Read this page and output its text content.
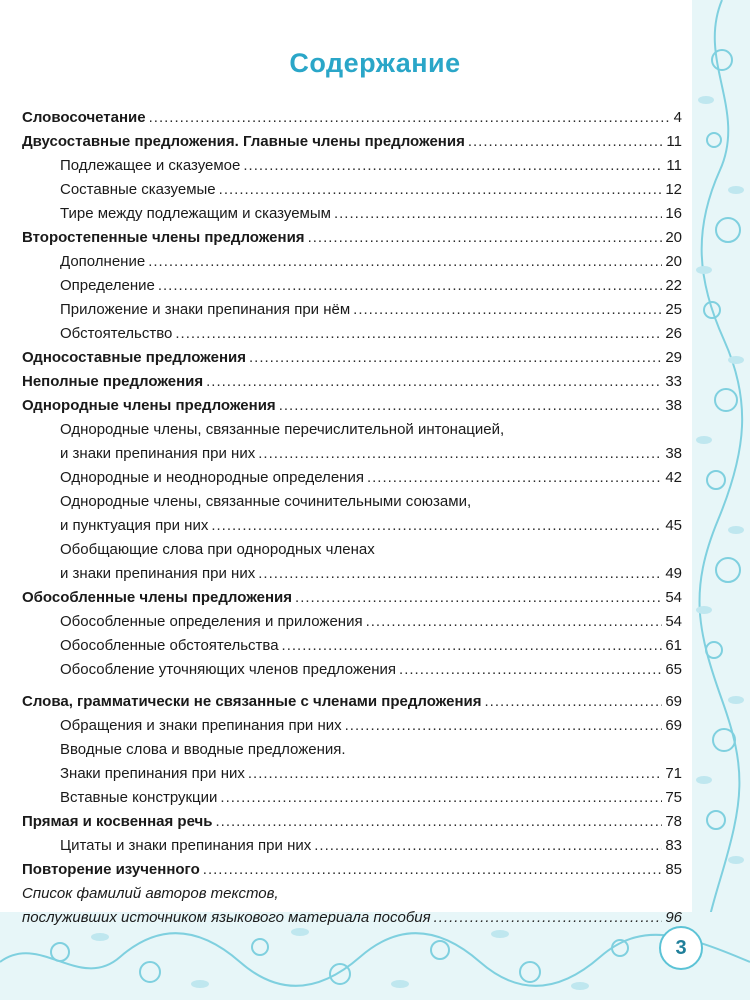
Содержание
Словосочетание .....	4
Двусоставные предложения. Главные члены предложения .....	11
Подлежащее и сказуемое .....	11
Составные сказуемые .....	12
Тире между подлежащим и сказуемым .....	16
Второстепенные члены предложения .....	20
Дополнение .....	20
Определение .....	22
Приложение и знаки препинания при нём .....	25
Обстоятельство .....	26
Односоставные предложения .....	29
Неполные предложения .....	33
Однородные члены предложения .....	38
Однородные члены, связанные перечислительной интонацией,
и знаки препинания при них .....	38
Однородные и неоднородные определения .....	42
Однородные члены, связанные сочинительными союзами,
и пунктуация при них .....	45
Обобщающие слова при однородных членах
и знаки препинания при них .....	49
Обособленные члены предложения .....	54
Обособленные определения и приложения .....	54
Обособленные обстоятельства .....	61
Обособление уточняющих членов предложения .....	65
Слова, грамматически не связанные с членами предложения .....	69
Обращения и знаки препинания при них .....	69
Вводные слова и вводные предложения.
Знаки препинания при них .....	71
Вставные конструкции .....	75
Прямая и косвенная речь .....	78
Цитаты и знаки препинания при них .....	83
Повторение изученного .....	85
Список фамилий авторов текстов,
послуживших источником языкового материала пособия .....	96
3
